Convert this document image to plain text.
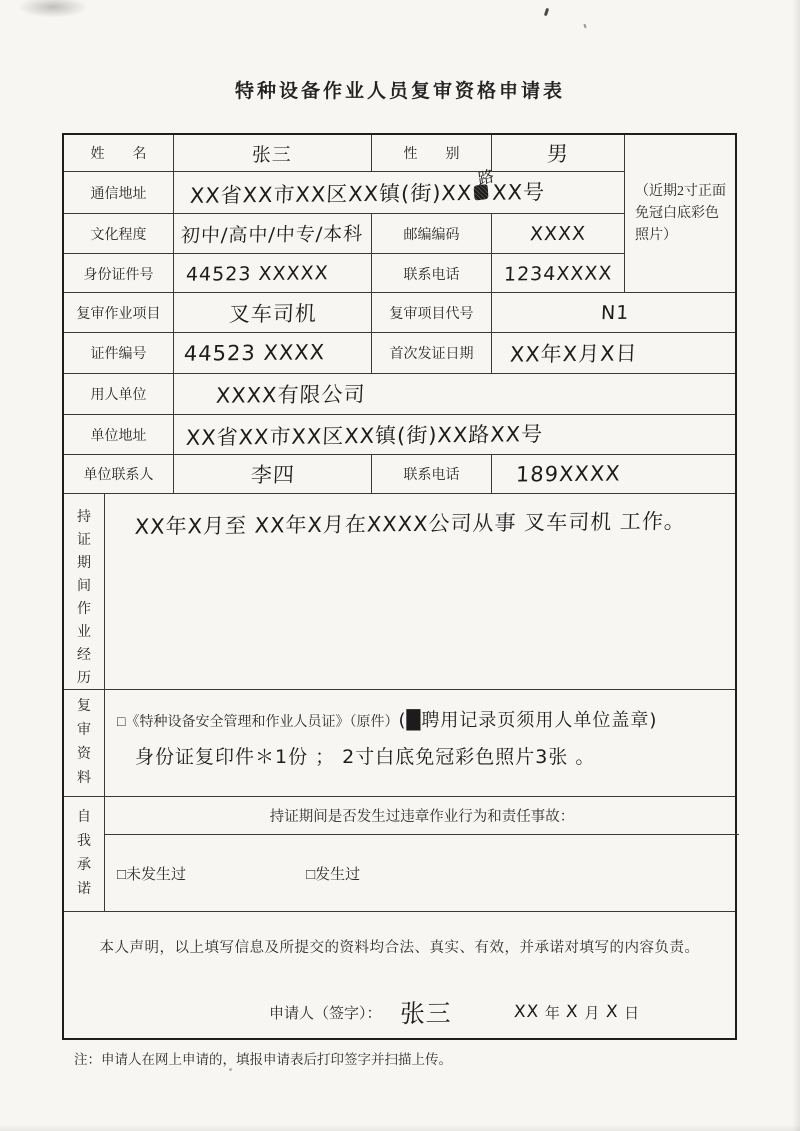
特种设备作业人员复审资格申请表
姓　　名	张三	性　　别	男
通信地址	XX省XX市XX区XX镇(街)XX
路
XX号
文化程度	初中/高中/中专/本科	邮编编码	XXXX
身份证件号	44523 XXXXX	联系电话	1234XXXX
（近期2寸正面免冠白底彩色照片）
复审作业项目	叉车司机	复审项目代号	N1
证件编号	44523 XXXX	首次发证日期	XX年X月X日
用人单位	XXXX有限公司
单位地址	XX省XX市XX区XX镇(街)XX路XX号
单位联系人	李四	联系电话	189XXXX
持证期间作业经历
XX年X月至 XX年X月在XXXX公司从事 叉车司机 工作。
复审资料
□《特种设备安全管理和作业人员证》（原件）(█聘用记录页须用人单位盖章)
身份证复印件＊1份 ； 2寸白底免冠彩色照片3张 。
自我承诺
持证期间是否发生过违章作业行为和责任事故：
□未发生过	□发生过
本人声明，以上填写信息及所提交的资料均合法、真实、有效，并承诺对填写的内容负责。
申请人（签字）： 张三	XX 年 X 月 X 日
注：申请人在网上申请的，填报申请表后打印签字并扫描上传。
